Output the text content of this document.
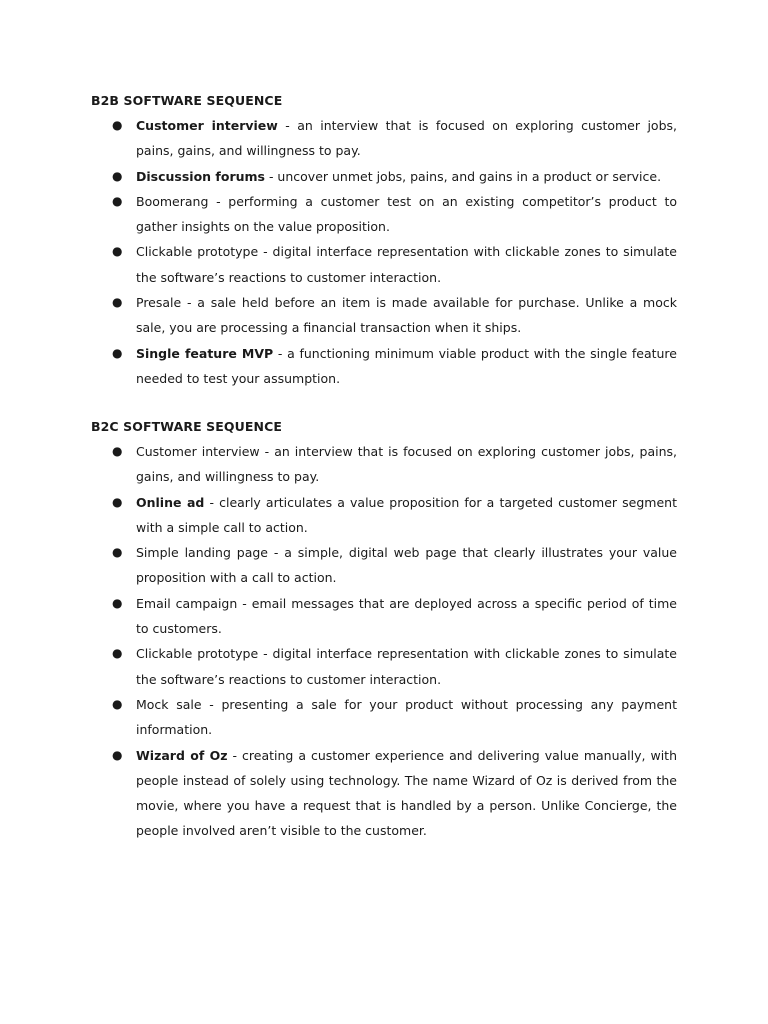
B2B SOFTWARE SEQUENCE
● Customer interview - an interview that is focused on exploring customer jobs, pains, gains, and willingness to pay.
● Discussion forums - uncover unmet jobs, pains, and gains in a product or service.
● Boomerang - performing a customer test on an existing competitor’s product to gather insights on the value proposition.
● Clickable prototype - digital interface representation with clickable zones to simulate the software’s reactions to customer interaction.
● Presale - a sale held before an item is made available for purchase. Unlike a mock sale, you are processing a financial transaction when it ships.
● Single feature MVP - a functioning minimum viable product with the single feature needed to test your assumption.
B2C SOFTWARE SEQUENCE
● Customer interview - an interview that is focused on exploring customer jobs, pains, gains, and willingness to pay.
● Online ad - clearly articulates a value proposition for a targeted customer segment with a simple call to action.
● Simple landing page - a simple, digital web page that clearly illustrates your value proposition with a call to action.
● Email campaign - email messages that are deployed across a specific period of time to customers.
● Clickable prototype - digital interface representation with clickable zones to simulate the software’s reactions to customer interaction.
● Mock sale - presenting a sale for your product without processing any payment information.
● Wizard of Oz - creating a customer experience and delivering value manually, with people instead of solely using technology. The name Wizard of Oz is derived from the movie, where you have a request that is handled by a person. Unlike Concierge, the people involved aren’t visible to the customer.
